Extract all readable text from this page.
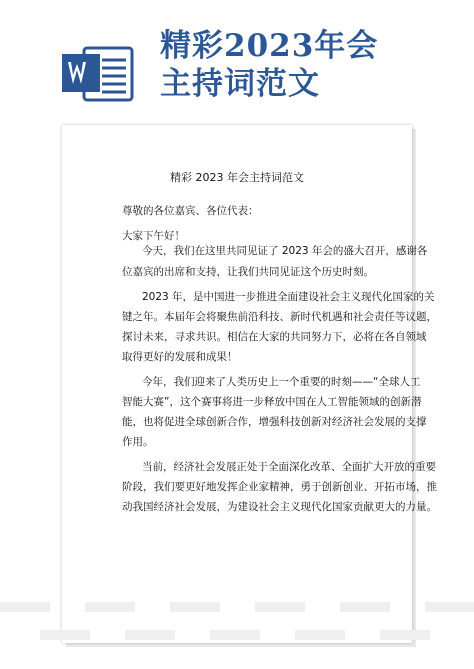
精彩2023年会
主持词范文
精彩 2023 年会主持词范文
尊敬的各位嘉宾、各位代表：
大家下午好！
今天，我们在这里共同见证了 2023 年会的盛大召开，感谢各
位嘉宾的出席和支持，让我们共同见证这个历史时刻。
2023 年，是中国进一步推进全面建设社会主义现代化国家的关
键之年。本届年会将聚焦前沿科技、新时代机遇和社会责任等议题，
探讨未来，寻求共识。相信在大家的共同努力下，必将在各自领域
取得更好的发展和成果！
今年，我们迎来了人类历史上一个重要的时刻——“全球人工
智能大赛”，这个赛事将进一步释放中国在人工智能领域的创新潜
能，也将促进全球创新合作，增强科技创新对经济社会发展的支撑
作用。
当前，经济社会发展正处于全面深化改革、全面扩大开放的重要
阶段，我们要更好地发挥企业家精神，勇于创新创业、开拓市场，推
动我国经济社会发展，为建设社会主义现代化国家贡献更大的力量。
